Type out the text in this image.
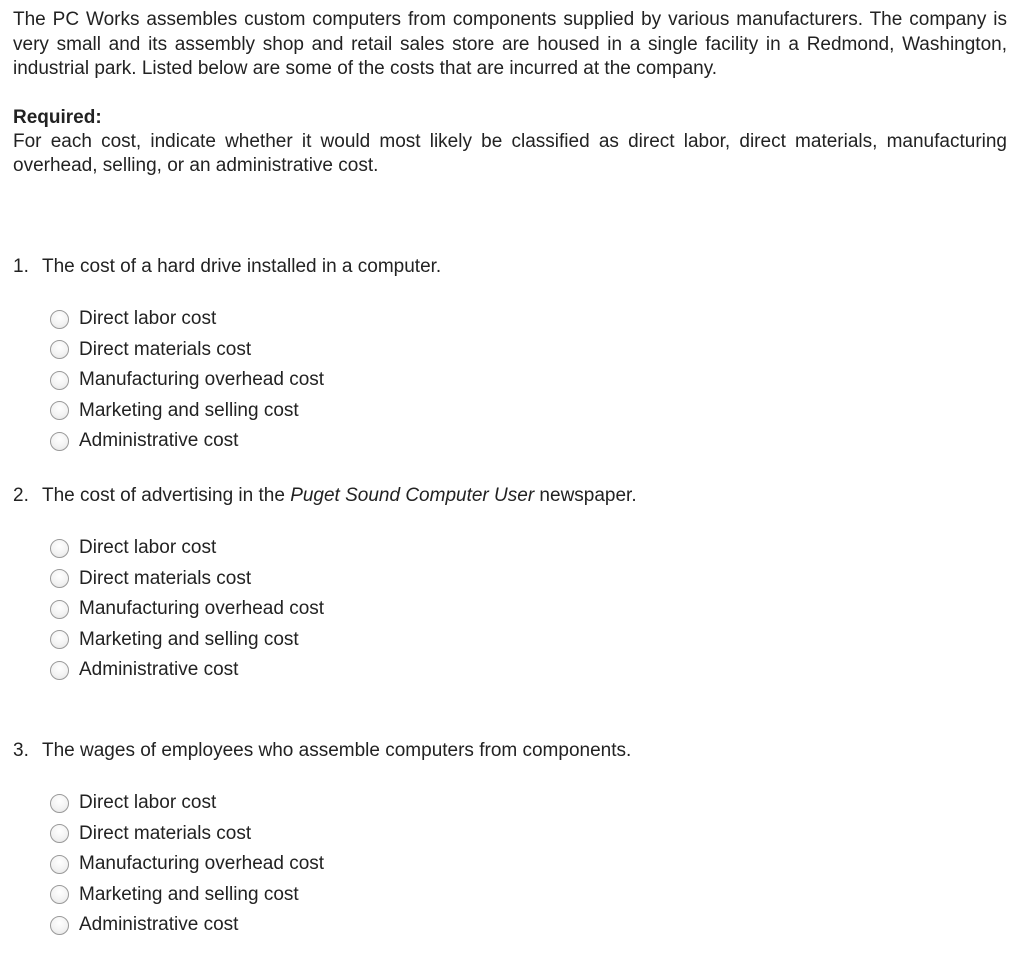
The PC Works assembles custom computers from components supplied by various manufacturers. The company is very small and its assembly shop and retail sales store are housed in a single facility in a Redmond, Washington, industrial park. Listed below are some of the costs that are incurred at the company.

Required:

For each cost, indicate whether it would most likely be classified as direct labor, direct materials, manufacturing overhead, selling, or an administrative cost.

1. The cost of a hard drive installed in a computer.

Direct labor cost
Direct materials cost
Manufacturing overhead cost
Marketing and selling cost
Administrative cost

2. The cost of advertising in the Puget Sound Computer User newspaper.

Direct labor cost
Direct materials cost
Manufacturing overhead cost
Marketing and selling cost
Administrative cost

3. The wages of employees who assemble computers from components.

Direct labor cost
Direct materials cost
Manufacturing overhead cost
Marketing and selling cost
Administrative cost
